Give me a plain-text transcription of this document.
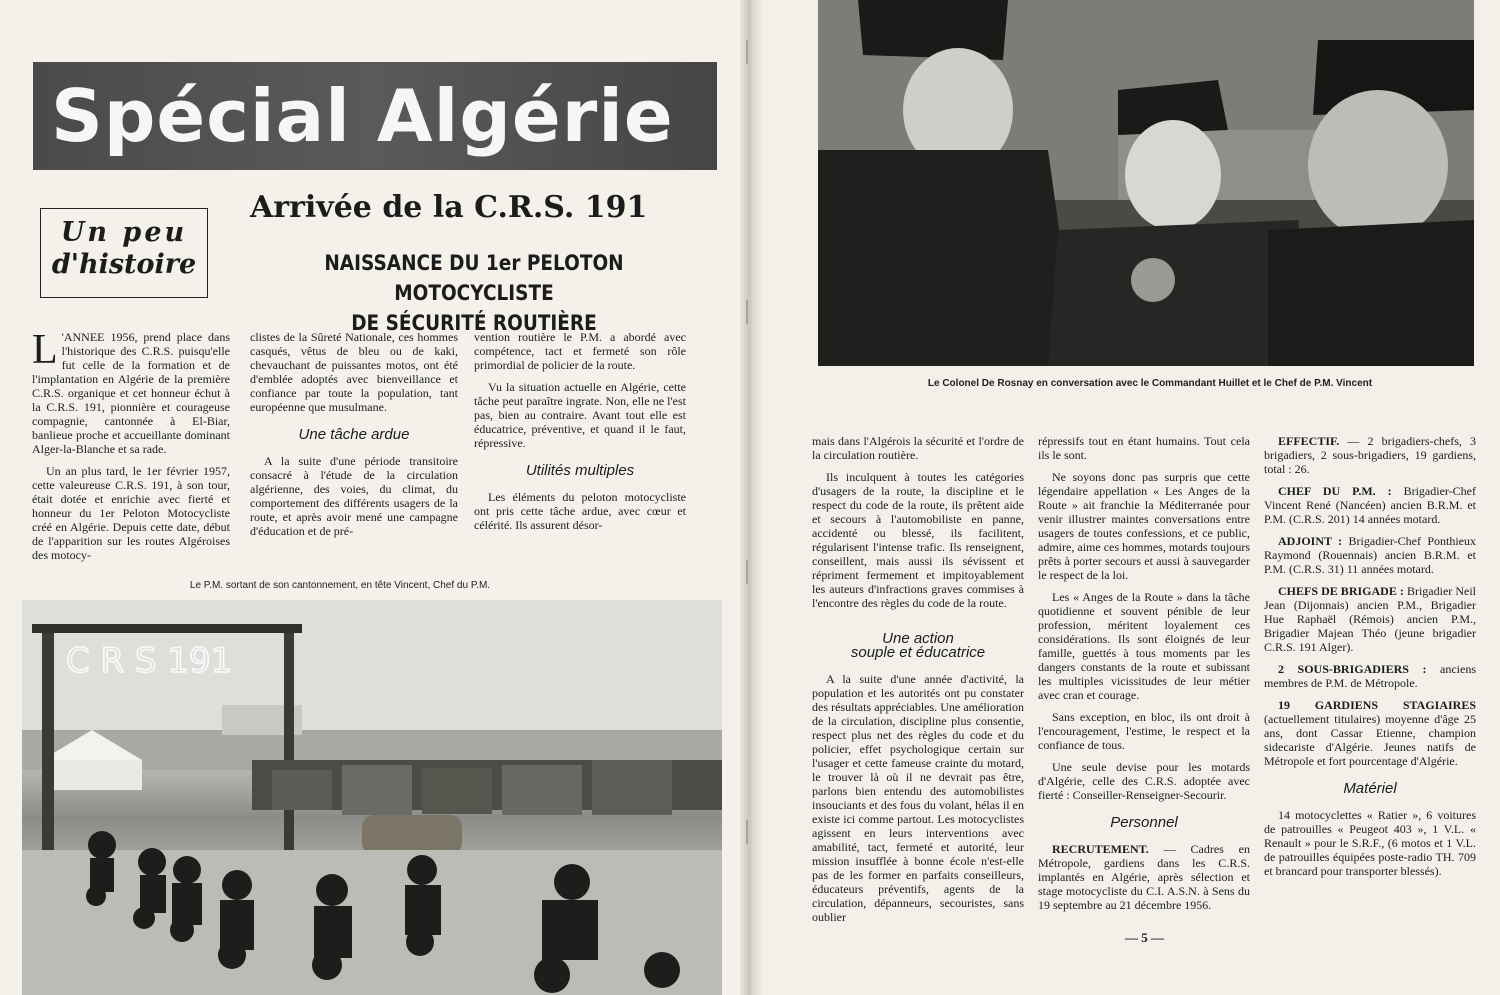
Spécial Algérie
Un peu
d'histoire
Arrivée de la C.R.S. 191
NAISSANCE DU 1er PELOTON MOTOCYCLISTE
DE SÉCURITÉ ROUTIÈRE

L 'ANNEE 1956, prend place dans l'historique des C.R.S. puisqu'elle fut celle de la formation et de l'implantation en Algérie de la première C.R.S. organique et cet honneur échut à la C.R.S. 191, pionnière et courageuse compagnie, cantonnée à El-Biar, banlieue proche et accueillante dominant Alger-la-Blanche et sa rade.

Un an plus tard, le 1er février 1957, cette valeureuse C.R.S. 191, à son tour, était dotée et enrichie avec fierté et honneur du 1er Peloton Motocycliste créé en Algérie. Depuis cette date, début de l'apparition sur les routes Algéroises des motocy-

clistes de la Sûreté Nationale, ces hommes casqués, vêtus de bleu ou de kaki, chevauchant de puissantes motos, ont été d'emblée adoptés avec bienveillance et confiance par toute la population, tant européenne que musulmane.

Une tâche ardue

A la suite d'une période transitoire consacré à l'étude de la circulation algérienne, des voies, du climat, du comportement des différents usagers de la route, et après avoir mené une campagne d'éducation et de pré-

vention routière le P.M. a abordé avec compétence, tact et fermeté son rôle primordial de policier de la route.

Vu la situation actuelle en Algérie, cette tâche peut paraître ingrate. Non, elle ne l'est pas, bien au contraire. Avant tout elle est éducatrice, préventive, et quand il le faut, répressive.

Utilités multiples

Les éléments du peloton motocycliste ont pris cette tâche ardue, avec cœur et célérité. Ils assurent désor-

Le P.M. sortant de son cantonnement, en tête Vincent, Chef du P.M.
C R S 191
Le Colonel De Rosnay en conversation avec le Commandant Huillet et le Chef de P.M. Vincent

mais dans l'Algérois la sécurité et l'ordre de la circulation routière.

Ils inculquent à toutes les catégories d'usagers de la route, la discipline et le respect du code de la route, ils prêtent aide et secours à l'automobiliste en panne, accidenté ou blessé, ils facilitent, régularisent l'intense trafic. Ils renseignent, conseillent, mais aussi ils sévissent et répriment fermement et impitoyablement les auteurs d'infractions graves commises à l'encontre des règles du code de la route.

Une action
souple et éducatrice

A la suite d'une année d'activité, la population et les autorités ont pu constater des résultats appréciables. Une amélioration de la circulation, discipline plus consentie, respect plus net des règles du code et du policier, effet psychologique certain sur l'usager et cette fameuse crainte du motard, le trouver là où il ne devrait pas être, parlons bien entendu des automobilistes insouciants et des fous du volant, hélas il en existe ici comme partout. Les motocyclistes agissent en leurs interventions avec amabilité, tact, fermeté et autorité, leur mission insufflée à bonne école n'est-elle pas de les former en parfaits conseilleurs, éducateurs préventifs, agents de la circulation, dépanneurs, secouristes, sans oublier

répressifs tout en étant humains. Tout cela ils le sont.

Ne soyons donc pas surpris que cette légendaire appellation « Les Anges de la Route » ait franchie la Méditerranée pour venir illustrer maintes conversations entre usagers de toutes confessions, et ce public, admire, aime ces hommes, motards toujours prêts à porter secours et aussi à sauvegarder le respect de la loi.

Les « Anges de la Route » dans la tâche quotidienne et souvent pénible de leur profession, méritent loyalement ces considérations. Ils sont éloignés de leur famille, guettés à tous moments par les dangers constants de la route et subissant les multiples vicissitudes de leur métier avec cran et courage.

Sans exception, en bloc, ils ont droit à l'encouragement, l'estime, le respect et la confiance de tous.

Une seule devise pour les motards d'Algérie, celle des C.R.S. adoptée avec fierté : Conseiller-Renseigner-Secourir.

Personnel

RECRUTEMENT. — Cadres en Métropole, gardiens dans les C.R.S. implantés en Algérie, après sélection et stage motocycliste du C.I. A.S.N. à Sens du 19 septembre au 21 décembre 1956.

EFFECTIF. — 2 brigadiers-chefs, 3 brigadiers, 2 sous-brigadiers, 19 gardiens, total : 26.

CHEF DU P.M. : Brigadier-Chef Vincent René (Nancéen) ancien B.R.M. et P.M. (C.R.S. 201) 14 années motard.

ADJOINT : Brigadier-Chef Ponthieux Raymond (Rouennais) ancien B.R.M. et P.M. (C.R.S. 31) 11 années motard.

CHEFS DE BRIGADE : Brigadier Neil Jean (Dijonnais) ancien P.M., Brigadier Hue Raphaël (Rémois) ancien P.M., Brigadier Majean Théo (jeune brigadier C.R.S. 191 Alger).

2 SOUS-BRIGADIERS : anciens membres de P.M. de Métropole.

19 GARDIENS STAGIAIRES (actuellement titulaires) moyenne d'âge 25 ans, dont Cassar Etienne, champion sidecariste d'Algérie. Jeunes natifs de Métropole et fort pourcentage d'Algérie.

Matériel

14 motocyclettes « Ratier », 6 voitures de patrouilles « Peugeot 403 », 1 V.L. « Renault » pour le S.R.F., (6 motos et 1 V.L. de patrouilles équipées poste-radio TH. 709 et brancard pour transporter blessés).

— 5 —
